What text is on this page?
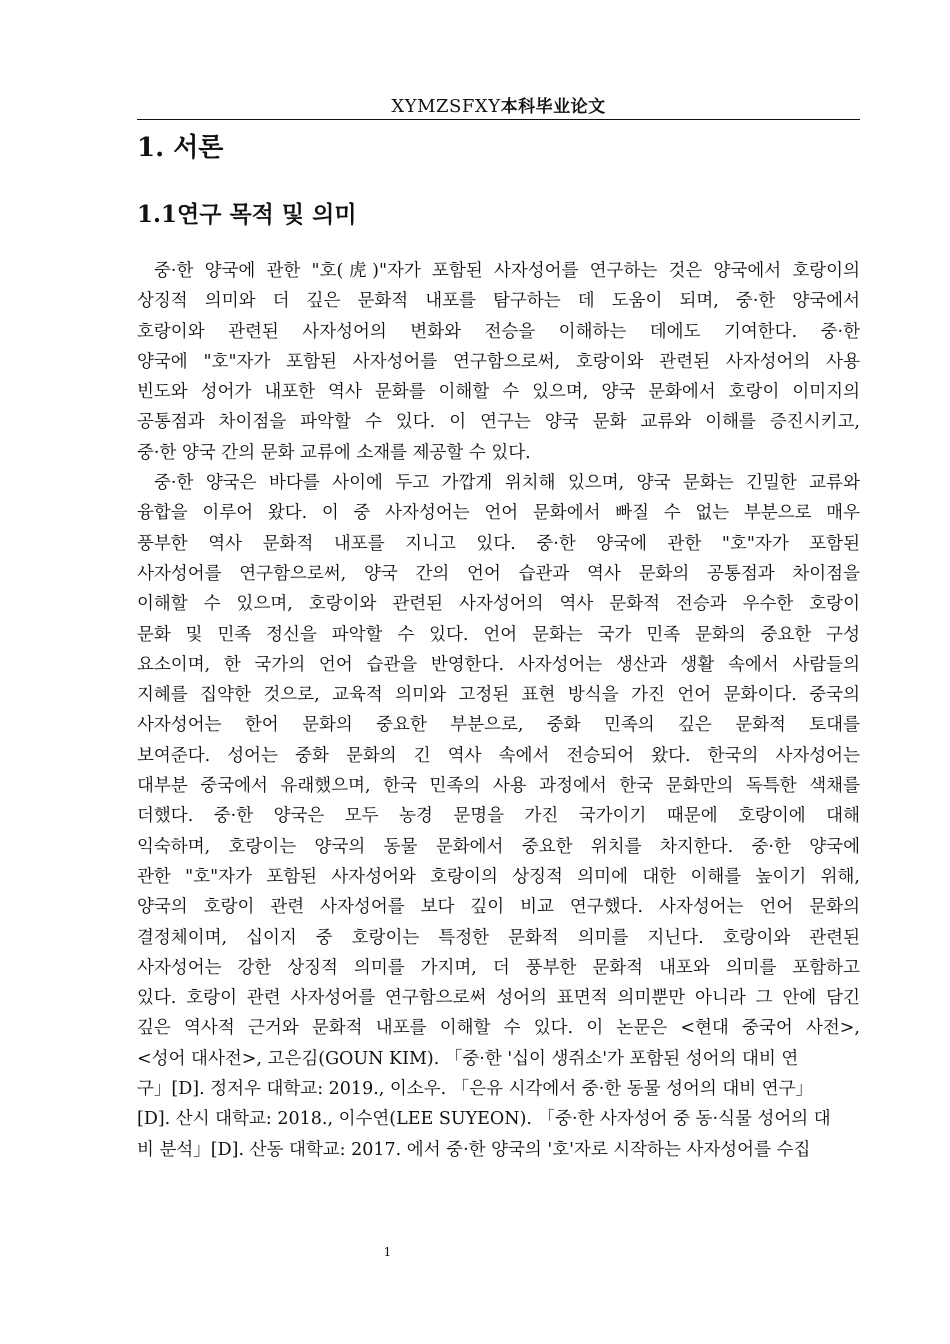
XYMZSFXY本科毕业论文
1. 서론
1.1연구 목적 및 의미
중·한 양국에 관한 "호(虎)"자가 포함된 사자성어를 연구하는 것은 양국에서 호랑이의
상징적 의미와 더 깊은 문화적 내포를 탐구하는 데 도움이 되며, 중·한 양국에서
호랑이와 관련된 사자성어의 변화와 전승을 이해하는 데에도 기여한다. 중·한
양국에 "호"자가 포함된 사자성어를 연구함으로써, 호랑이와 관련된 사자성어의 사용
빈도와 성어가 내포한 역사 문화를 이해할 수 있으며, 양국 문화에서 호랑이 이미지의
공통점과 차이점을 파악할 수 있다. 이 연구는 양국 문화 교류와 이해를 증진시키고,
중·한 양국 간의 문화 교류에 소재를 제공할 수 있다.
중·한 양국은 바다를 사이에 두고 가깝게 위치해 있으며, 양국 문화는 긴밀한 교류와
융합을 이루어 왔다. 이 중 사자성어는 언어 문화에서 빠질 수 없는 부분으로 매우
풍부한 역사 문화적 내포를 지니고 있다. 중·한 양국에 관한 "호"자가 포함된
사자성어를 연구함으로써, 양국 간의 언어 습관과 역사 문화의 공통점과 차이점을
이해할 수 있으며, 호랑이와 관련된 사자성어의 역사 문화적 전승과 우수한 호랑이
문화 및 민족 정신을 파악할 수 있다. 언어 문화는 국가 민족 문화의 중요한 구성
요소이며, 한 국가의 언어 습관을 반영한다. 사자성어는 생산과 생활 속에서 사람들의
지혜를 집약한 것으로, 교육적 의미와 고정된 표현 방식을 가진 언어 문화이다. 중국의
사자성어는 한어 문화의 중요한 부분으로, 중화 민족의 깊은 문화적 토대를
보여준다. 성어는 중화 문화의 긴 역사 속에서 전승되어 왔다. 한국의 사자성어는
대부분 중국에서 유래했으며, 한국 민족의 사용 과정에서 한국 문화만의 독특한 색채를
더했다. 중·한 양국은 모두 농경 문명을 가진 국가이기 때문에 호랑이에 대해
익숙하며, 호랑이는 양국의 동물 문화에서 중요한 위치를 차지한다. 중·한 양국에
관한 "호"자가 포함된 사자성어와 호랑이의 상징적 의미에 대한 이해를 높이기 위해,
양국의 호랑이 관련 사자성어를 보다 깊이 비교 연구했다. 사자성어는 언어 문화의
결정체이며, 십이지 중 호랑이는 특정한 문화적 의미를 지닌다. 호랑이와 관련된
사자성어는 강한 상징적 의미를 가지며, 더 풍부한 문화적 내포와 의미를 포함하고
있다. 호랑이 관련 사자성어를 연구함으로써 성어의 표면적 의미뿐만 아니라 그 안에 담긴
깊은 역사적 근거와 문화적 내포를 이해할 수 있다. 이 논문은 <현대 중국어 사전>,
<성어 대사전>, 고은김(GOUN KIM). 「중·한 '십이 생쥐소'가 포함된 성어의 대비 연
구」[D]. 정저우 대학교: 2019., 이소우. 「은유 시각에서 중·한 동물 성어의 대비 연구」
[D]. 산시 대학교: 2018., 이수연(LEE SUYEON). 「중·한 사자성어 중 동·식물 성어의 대
비 분석」[D]. 산동 대학교: 2017. 에서 중·한 양국의 '호'자로 시작하는 사자성어를 수집
1
